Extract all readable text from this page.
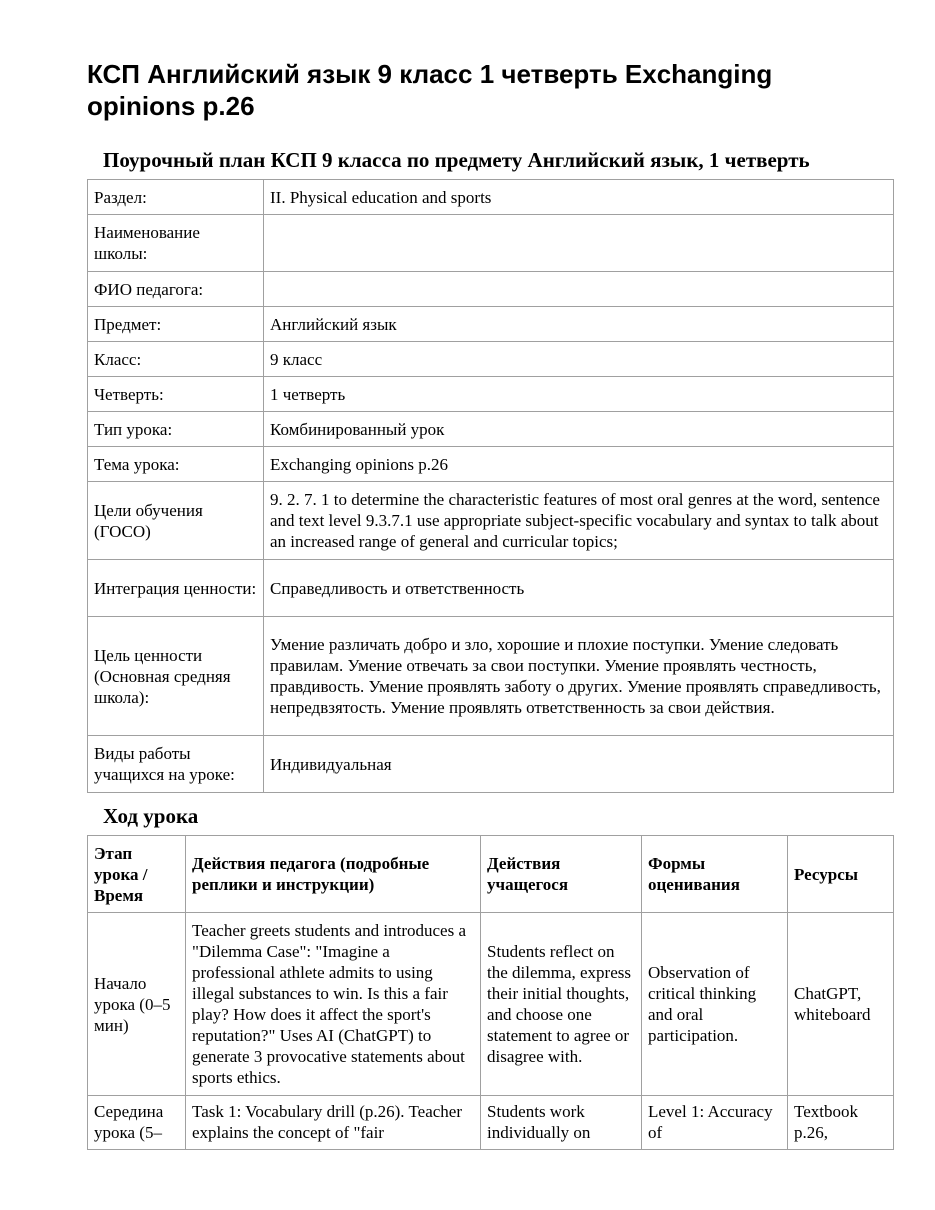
КСП Английский язык 9 класс 1 четверть Exchanging opinions p.26
Поурочный план КСП 9 класса по предмету Английский язык, 1 четверть
Раздел:	II. Physical education and sports
Наименование школы:	
ФИО педагога:	
Предмет:	Английский язык
Класс:	9 класс
Четверть:	1 четверть
Тип урока:	Комбинированный урок
Тема урока:	Exchanging opinions p.26
Цели обучения (ГОСО)	9. 2. 7. 1 to determine the characteristic features of most oral genres at the word, sentence and text level 9.3.7.1 use appropriate subject-specific vocabulary and syntax to talk about an increased range of general and curricular topics;
Интеграция ценности:	Справедливость и ответственность
Цель ценности (Основная средняя школа):	Умение различать добро и зло, хорошие и плохие поступки. Умение следовать правилам. Умение отвечать за свои поступки. Умение проявлять честность, правдивость. Умение проявлять заботу о других. Умение проявлять справедливость, непредвзятость. Умение проявлять ответственность за свои действия.
Виды работы учащихся на уроке:	Индивидуальная
Ход урока
Этап урока / Время	Действия педагога (подробные реплики и инструкции)	Действия учащегося	Формы оценивания	Ресурсы
Начало урока (0–5 мин)	Teacher greets students and introduces a "Dilemma Case": "Imagine a professional athlete admits to using illegal substances to win. Is this a fair play? How does it affect the sport's reputation?" Uses AI (ChatGPT) to generate 3 provocative statements about sports ethics.	Students reflect on the dilemma, express their initial thoughts, and choose one statement to agree or disagree with.	Observation of critical thinking and oral participation.	ChatGPT, whiteboard
Середина урока (5–	Task 1: Vocabulary drill (p.26). Teacher explains the concept of "fair	Students work individually on	Level 1: Accuracy of	Textbook p.26,
